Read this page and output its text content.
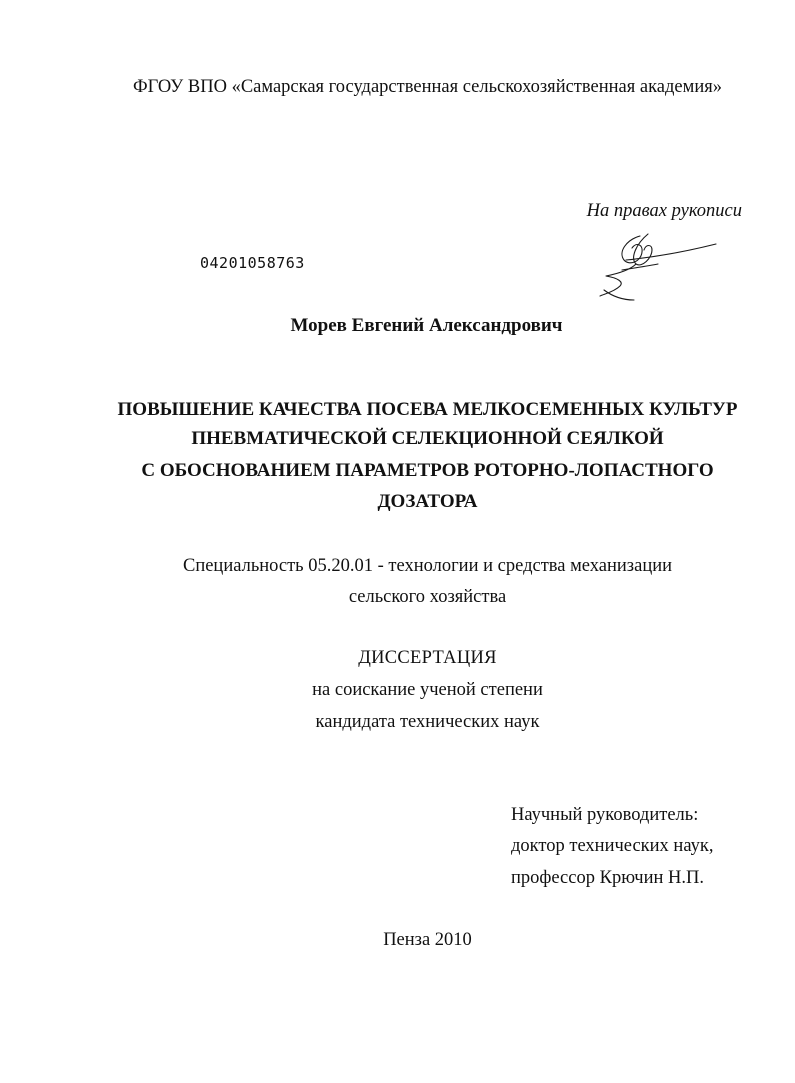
ФГОУ ВПО «Самарская государственная сельскохозяйственная академия»
На правах рукописи
04201058763
Морев Евгений Александрович
ПОВЫШЕНИЕ КАЧЕСТВА ПОСЕВА МЕЛКОСЕМЕННЫХ КУЛЬТУР
ПНЕВМАТИЧЕСКОЙ СЕЛЕКЦИОННОЙ СЕЯЛКОЙ
С ОБОСНОВАНИЕМ ПАРАМЕТРОВ РОТОРНО-ЛОПАСТНОГО
ДОЗАТОРА
Специальность 05.20.01 - технологии и средства механизации
сельского хозяйства
ДИССЕРТАЦИЯ
на соискание ученой степени
кандидата технических наук
Научный руководитель:
доктор технических наук,
профессор Крючин Н.П.
Пенза 2010
